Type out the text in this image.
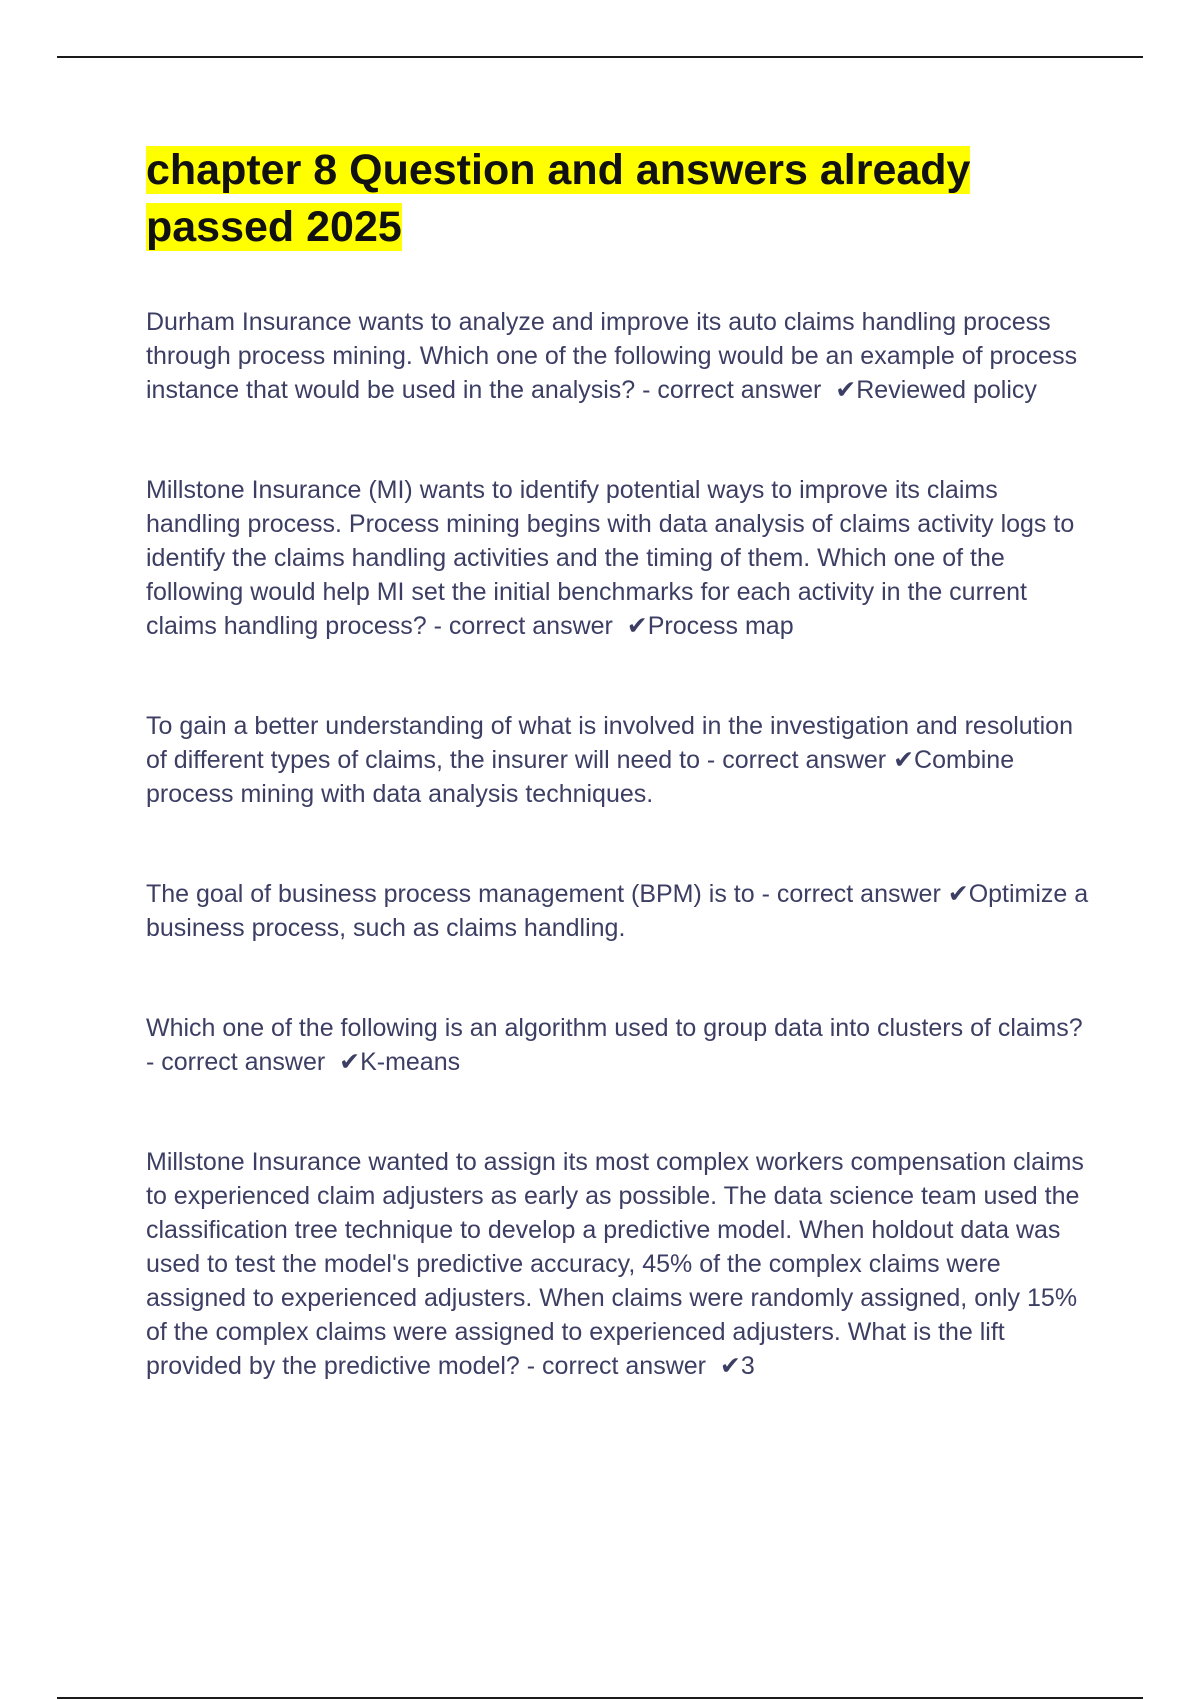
chapter 8 Question and answers already passed 2025

Durham Insurance wants to analyze and improve its auto claims handling process through process mining. Which one of the following would be an example of process instance that would be used in the analysis? - correct answer ✔Reviewed policy

Millstone Insurance (MI) wants to identify potential ways to improve its claims handling process. Process mining begins with data analysis of claims activity logs to identify the claims handling activities and the timing of them. Which one of the following would help MI set the initial benchmarks for each activity in the current claims handling process? - correct answer ✔Process map

To gain a better understanding of what is involved in the investigation and resolution of different types of claims, the insurer will need to - correct answer ✔Combine process mining with data analysis techniques.

The goal of business process management (BPM) is to - correct answer ✔Optimize a business process, such as claims handling.

Which one of the following is an algorithm used to group data into clusters of claims? - correct answer ✔K-means

Millstone Insurance wanted to assign its most complex workers compensation claims to experienced claim adjusters as early as possible. The data science team used the classification tree technique to develop a predictive model. When holdout data was used to test the model's predictive accuracy, 45% of the complex claims were assigned to experienced adjusters. When claims were randomly assigned, only 15% of the complex claims were assigned to experienced adjusters. What is the lift provided by the predictive model? - correct answer ✔3
